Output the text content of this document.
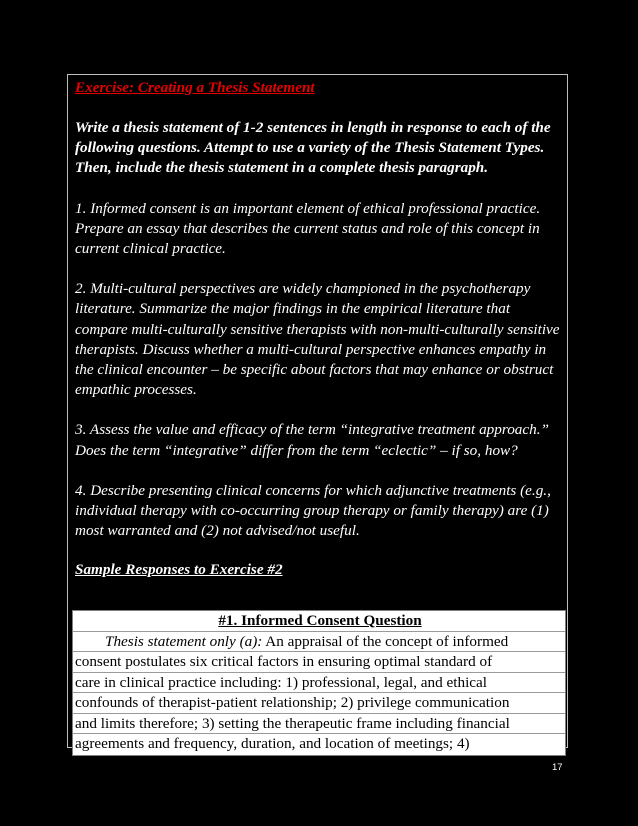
Exercise: Creating a Thesis Statement

Write a thesis statement of 1-2 sentences in length in response to each of the following questions. Attempt to use a variety of the Thesis Statement Types. Then, include the thesis statement in a complete thesis paragraph.

1. Informed consent is an important element of ethical professional practice. Prepare an essay that describes the current status and role of this concept in current clinical practice.

2. Multi-cultural perspectives are widely championed in the psychotherapy literature. Summarize the major findings in the empirical literature that compare multi-culturally sensitive therapists with non-multi-culturally sensitive therapists. Discuss whether a multi-cultural perspective enhances empathy in the clinical encounter – be specific about factors that may enhance or obstruct empathic processes.

3. Assess the value and efficacy of the term “integrative treatment approach.” Does the term “integrative” differ from the term “eclectic” – if so, how?

4. Describe presenting clinical concerns for which adjunctive treatments (e.g., individual therapy with co-occurring group therapy or family therapy) are (1) most warranted and (2) not advised/not useful.

Sample Responses to Exercise #2
#1. Informed Consent Question
Thesis statement only (a): An appraisal of the concept of informed
consent postulates six critical factors in ensuring optimal standard of
care in clinical practice including: 1) professional, legal, and ethical
confounds of therapist-patient relationship; 2) privilege communication
and limits therefore; 3) setting the therapeutic frame including financial
agreements and frequency, duration, and location of meetings; 4)
17
